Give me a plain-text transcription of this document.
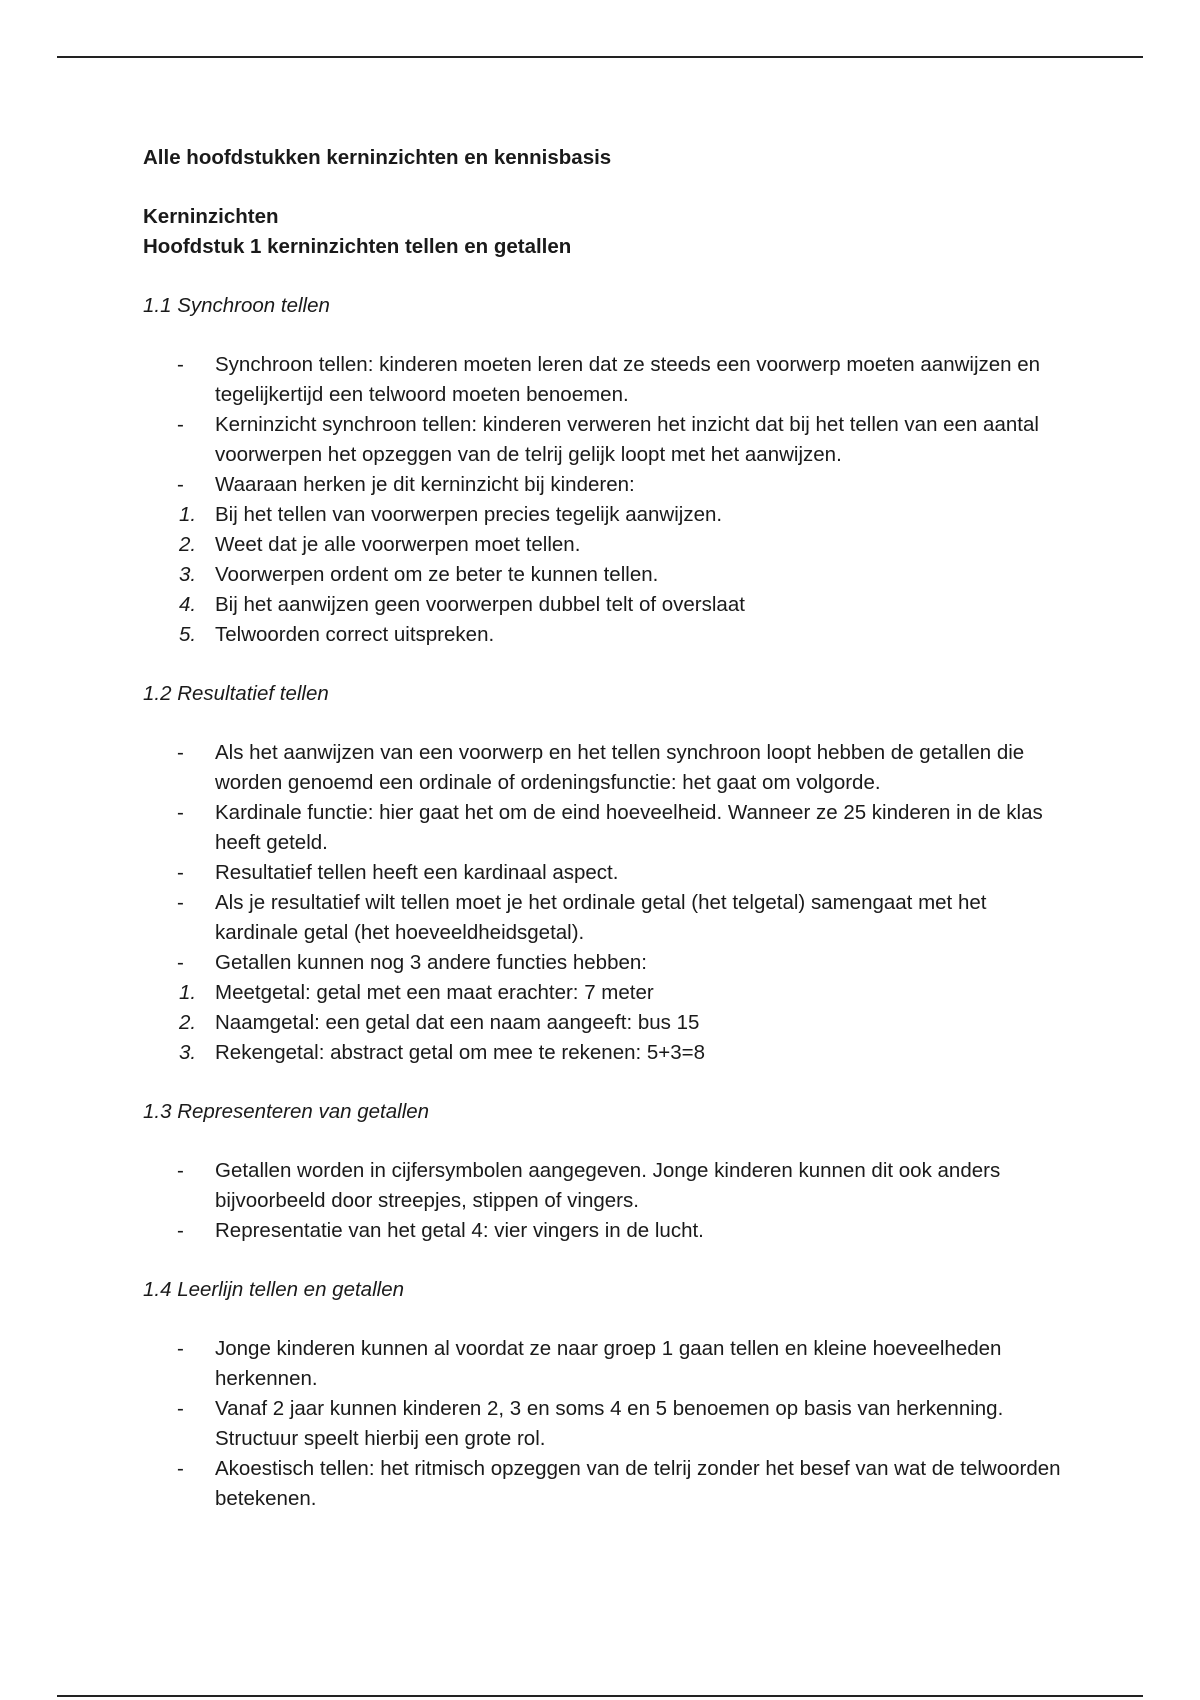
Alle hoofdstukken kerninzichten en kennisbasis
Kerninzichten
Hoofdstuk 1 kerninzichten tellen en getallen
1.1 Synchroon tellen
-	Synchroon tellen: kinderen moeten leren dat ze steeds een voorwerp moeten aanwijzen en tegelijkertijd een telwoord moeten benoemen.
-	Kerninzicht synchroon tellen: kinderen verweren het inzicht dat bij het tellen van een aantal voorwerpen het opzeggen van de telrij gelijk loopt met het aanwijzen.
-	Waaraan herken je dit kerninzicht bij kinderen:
1. Bij het tellen van voorwerpen precies tegelijk aanwijzen.
2. Weet dat je alle voorwerpen moet tellen.
3. Voorwerpen ordent om ze beter te kunnen tellen.
4. Bij het aanwijzen geen voorwerpen dubbel telt of overslaat
5. Telwoorden correct uitspreken.
1.2 Resultatief tellen
-	Als het aanwijzen van een voorwerp en het tellen synchroon loopt hebben de getallen die worden genoemd een ordinale of ordeningsfunctie: het gaat om volgorde.
-	Kardinale functie: hier gaat het om de eind hoeveelheid. Wanneer ze 25 kinderen in de klas heeft geteld.
-	Resultatief tellen heeft een kardinaal aspect.
-	Als je resultatief wilt tellen moet je het ordinale getal (het telgetal) samengaat met het kardinale getal (het hoeveeldheidsgetal).
-	Getallen kunnen nog 3 andere functies hebben:
1. Meetgetal: getal met een maat erachter: 7 meter
2. Naamgetal: een getal dat een naam aangeeft: bus 15
3. Rekengetal: abstract getal om mee te rekenen: 5+3=8
1.3 Representeren van getallen
-	Getallen worden in cijfersymbolen aangegeven. Jonge kinderen kunnen dit ook anders bijvoorbeeld door streepjes, stippen of vingers.
-	Representatie van het getal 4: vier vingers in de lucht.
1.4 Leerlijn tellen en getallen
-	Jonge kinderen kunnen al voordat ze naar groep 1 gaan tellen en kleine hoeveelheden herkennen.
-	Vanaf 2 jaar kunnen kinderen 2, 3 en soms 4 en 5 benoemen op basis van herkenning. Structuur speelt hierbij een grote rol.
-	Akoestisch tellen: het ritmisch opzeggen van de telrij zonder het besef van wat de telwoorden betekenen.
